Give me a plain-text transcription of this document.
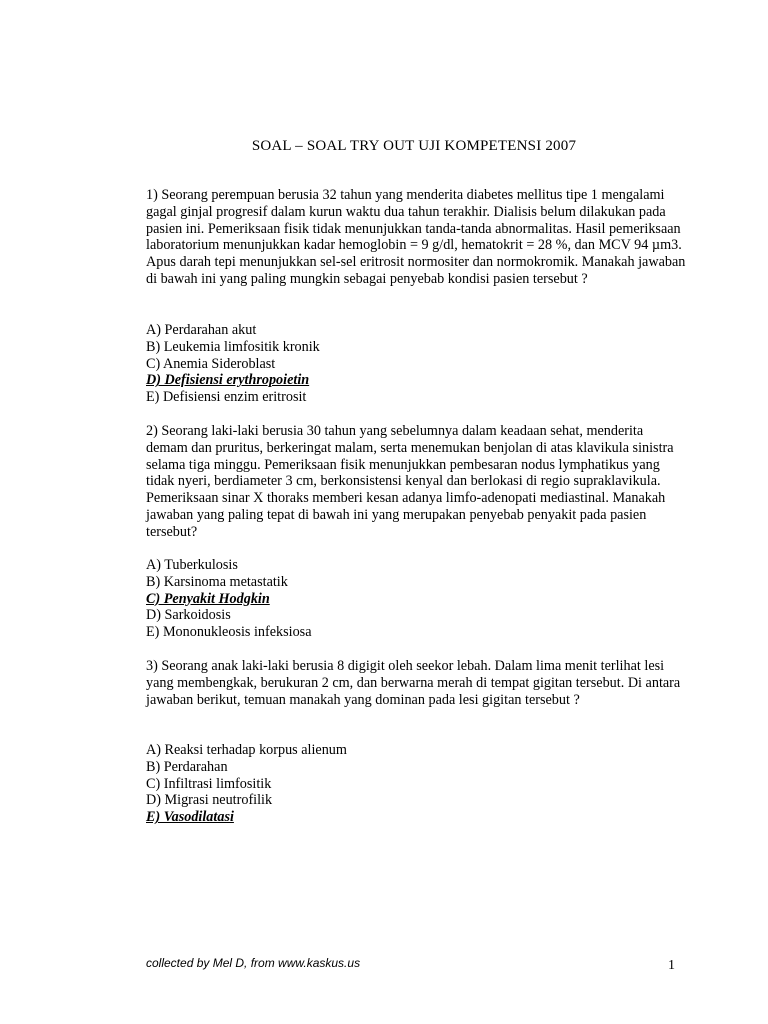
SOAL – SOAL TRY OUT UJI KOMPETENSI 2007

1) Seorang perempuan berusia 32 tahun yang menderita diabetes mellitus tipe 1 mengalami gagal ginjal progresif dalam kurun waktu dua tahun terakhir. Dialisis belum dilakukan pada pasien ini. Pemeriksaan fisik tidak menunjukkan tanda-tanda abnormalitas. Hasil pemeriksaan laboratorium menunjukkan kadar hemoglobin = 9 g/dl, hematokrit = 28 %, dan MCV 94 µm3. Apus darah tepi menunjukkan sel-sel eritrosit normositer dan normokromik. Manakah jawaban di bawah ini yang paling mungkin sebagai penyebab kondisi pasien tersebut ?

A) Perdarahan akut
B) Leukemia limfositik kronik
C) Anemia Sideroblast
D) Defisiensi erythropoietin
E) Defisiensi enzim eritrosit

2) Seorang laki-laki berusia 30 tahun yang sebelumnya dalam keadaan sehat, menderita demam dan pruritus, berkeringat malam, serta menemukan benjolan di atas klavikula sinistra selama tiga minggu. Pemeriksaan fisik menunjukkan pembesaran nodus lymphatikus yang tidak nyeri, berdiameter 3 cm, berkonsistensi kenyal dan berlokasi di regio supraklavikula. Pemeriksaan sinar X thoraks memberi kesan adanya limfo-adenopati mediastinal. Manakah jawaban yang paling tepat di bawah ini yang merupakan penyebab penyakit pada pasien tersebut?

A) Tuberkulosis
B) Karsinoma metastatik
C) Penyakit Hodgkin
D) Sarkoidosis
E) Mononukleosis infeksiosa

3) Seorang anak laki-laki berusia 8 digigit oleh seekor lebah. Dalam lima menit terlihat lesi yang membengkak, berukuran 2 cm, dan berwarna merah di tempat gigitan tersebut. Di antara jawaban berikut, temuan manakah yang dominan pada lesi gigitan tersebut ?

A) Reaksi terhadap korpus alienum
B) Perdarahan
C) Infiltrasi limfositik
D) Migrasi neutrofilik
E) Vasodilatasi
collected by Mel D, from www.kaskus.us	1
